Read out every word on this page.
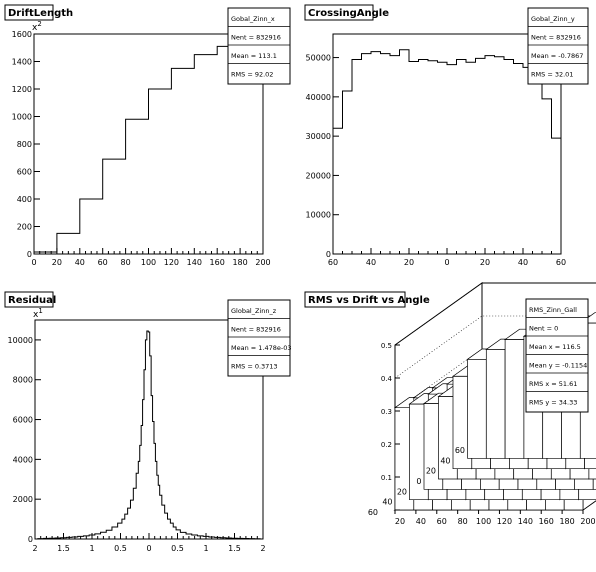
0 20 40 60 80 100 120 140 160 180 200
0
200
400
600
800
1000
1200
1400
1600
$x^2$
DriftLength	Gobal_Zinn_x
Nent = 832916
Mean = 113.1
RMS = 92.02
60	40	20	0	20	40	60
0
10000
20000
30000
40000
50000
CrossingAngle	Gobal_Zinn_y
Nent = 832916
Mean = -0.7867
RMS = 32.01
2 1.5 1 0.5 0 0.5 1 1.5 2
0
2000
4000
6000
8000
10000
$x^1$
Residual
Global_Zinn_z
Nent = 832916
Mean = 1.478e-03
RMS = 0.3713
0.1
0.2
0.3
0.4
0.5
20 40 60 80 100 120 140 160 180 200
60
40
20
0
20
40
60
RMS vs Drift vs Angle
RMS_Zinn_Gall
Nent = 0
Mean x = 116.5
Mean y = -0.1154
RMS x = 51.61
RMS y = 34.33
